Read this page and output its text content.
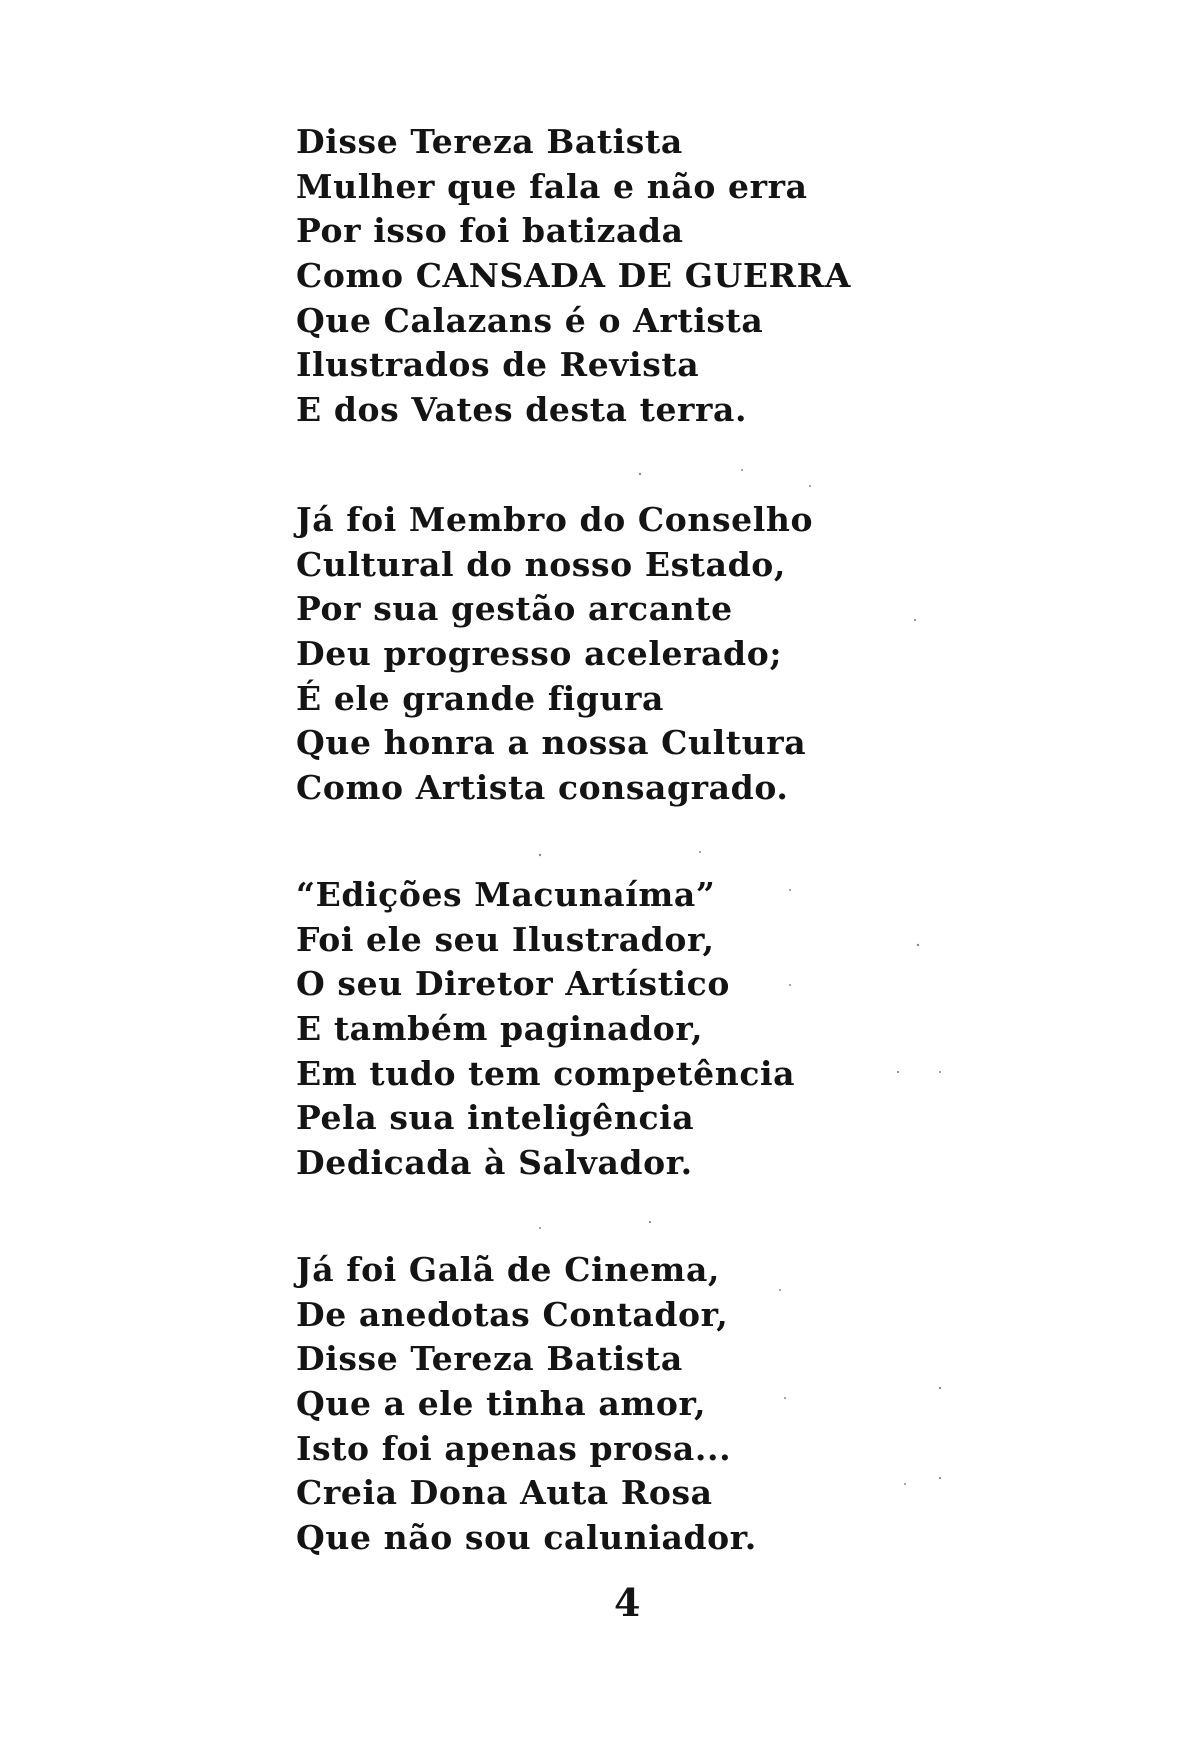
Disse Tereza Batista
Mulher que fala e não erra
Por isso foi batizada
Como CANSADA DE GUERRA
Que Calazans é o Artista
Ilustrados de Revista
E dos Vates desta terra.
Já foi Membro do Conselho
Cultural do nosso Estado,
Por sua gestão arcante
Deu progresso acelerado;
É ele grande figura
Que honra a nossa Cultura
Como Artista consagrado.
“Edições Macunaíma”
Foi ele seu Ilustrador,
O seu Diretor Artístico
E também paginador,
Em tudo tem competência
Pela sua inteligência
Dedicada à Salvador.
Já foi Galã de Cinema,
De anedotas Contador,
Disse Tereza Batista
Que a ele tinha amor,
Isto foi apenas prosa...
Creia Dona Auta Rosa
Que não sou caluniador.
4
